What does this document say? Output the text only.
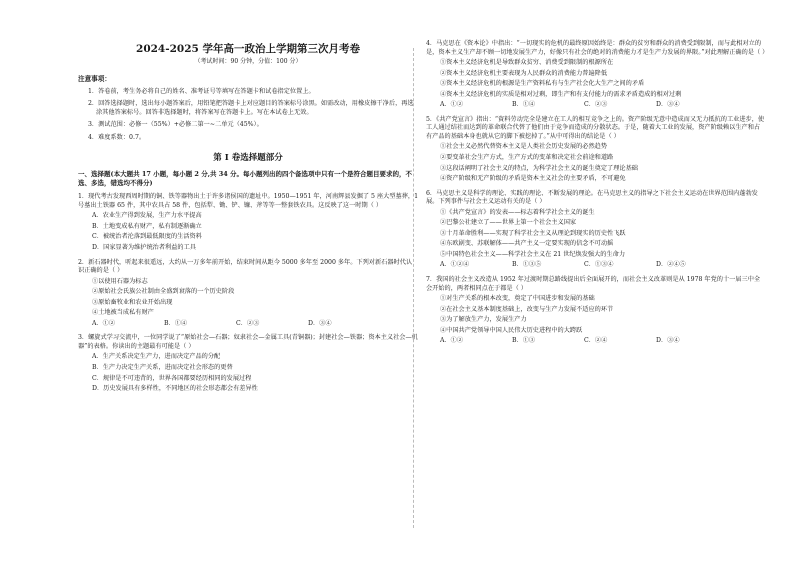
2024-2025 学年高一政治上学期第三次月考卷
（考试时间：90 分钟，分值：100 分）
注意事项：

1．答卷前，考生务必将自己的姓名、准考证号等填写在答题卡和试卷指定位置上。

2．回答选择题时，选出每小题答案后，用铅笔把答题卡上对应题目的答案标号涂黑。如需改动，用橡皮擦干净后，再选涂其他答案标号。回答非选择题时，将答案写在答题卡上。写在本试卷上无效。

3．测试范围：必修一（55%）+必修二第一~二单元（45%）。

4．难度系数：0.7。

第 I 卷选择题部分

一、选择题(本大题共 17 小题，每小题 2 分,共 34 分。每小题列出的四个备选项中只有一个是符合题目要求的，不选、多选，错选均不得分)

1．现代考古发现西周时期的铜、铁等器物出土于许多诸侯国的遗址中。1950—1951 年，河南辉县发掘了 5 座大型墓葬，1 号墓出土铁器 65 件，其中农具占 58 件，包括犁、锄、铲、镰、斧等等一整套铁农具。这反映了这一时期（ ）

A．农业生产得到发展，生产力水平提高

B．土地变成私有财产，私有制逐渐确立

C．被统治者沦落到最低限度的生活资料

D．国家显著为维护统治者利益的工具

2．新石器时代，听起来很遥远，大约从一万多年前开始，结束时间从距今 5000 多年至 2000 多年。下列对新石器时代认识正确的是（ ）

①以使用石器为标志

②原始社会氏族公社制由全盛到衰落的一个历史阶段

③原始畜牧业和农业开始出现

④土地被当成私有财产

A．①②	B．①④	C．②③	D．③④

3．螺旋式学习交流中，一位同学说了“原始社会—石器；奴隶社会—金属工具(青铜器)；封建社会—铁器；资本主义社会—机器”的表格。你读出的主题最有可能是（ ）

A．生产关系决定生产力，进而决定产品的分配

B．生产力决定生产关系，进而决定社会形态的更替

C．规律是不可违背的，世界各国都要经历相同的发展过程

D．历史发展具有多样性，不同地区的社会形态都会有差异性

4．马克思在《资本论》中指出：“一切现实的危机的最终原因始终是：群众的贫穷和群众的消费受到限制，而与此相对立的是，资本主义生产却不顾一切地发展生产力，好像只有社会的绝对的消费能力才是生产力发展的界限。”对此理解正确的是（ ）

①资本主义经济危机是导致群众贫穷、消费受到限制的根源所在

②资本主义经济危机主要表现为人民群众的消费能力普遍降低

③资本主义经济危机的根源是生产资料私有与生产社会化大生产之间的矛盾

④资本主义经济危机的实质是相对过剩，即生产和有支付能力的需求矛盾造成的相对过剩

A．①②	B．①④	C．②③	D．③④

5．《共产党宣言》指出：“資料劳动完全是建立在工人的相互竞争之上的。资产阶级无意中造成而又无力抵抗的工业进步，使工人通过结社而达到的革命联合代替了他们由于竞争而造成的分散状态。于是，随着大工业的发展，资产阶级赖以生产和占有产品的基础本身也就从它的脚下被挖掉了。”从中可得出的结论是（ ）

①社会主义必然代替资本主义是人类社会历史发展的必然趋势

②要变革社会生产方式，生产方式的变革和决定社会前途和道路

③这段话阐明了社会主义的特点，为科学社会主义的诞生奠定了理论基础

④资产阶级和无产阶级的矛盾是资本主义社会的主要矛盾，不可避免

6．马克思主义是科学的理论、实践的理论、不断发展的理论。在马克思主义的指导之下社会主义运动在世界范围内蓬勃发展。下列事件与社会主义运动有关的是（ ）

①《共产党宣言》的发表——标志着科学社会主义的诞生

②巴黎公社建立了——世界上第一个社会主义国家

③十月革命胜利——实现了科学社会主义从理论到现实的历史性飞跃

④东欧剧变、苏联解体——共产主义一定要实现的信念不可动摇

⑤中国特色社会主义——科学社会主义在 21 世纪焕发强大的生命力

A．①②④	B．①③⑤	C．①③④	D．②④⑤

7．我国的社会主义改造从 1952 年过渡时期总路线提出后全面展开的，而社会主义改革则是从 1978 年党的十一届三中全会开始的，两者相同点在于都是（ ）

①对生产关系的根本改变，奠定了中国进步和发展的基础

②在社会主义基本制度基础上，改变与生产力发展不适应的环节

③为了解放生产力，发展生产力

④中国共产党领导中国人民伟大历史进程中的大跨跃

A．①②	B．①③	C．②④	D．③④
